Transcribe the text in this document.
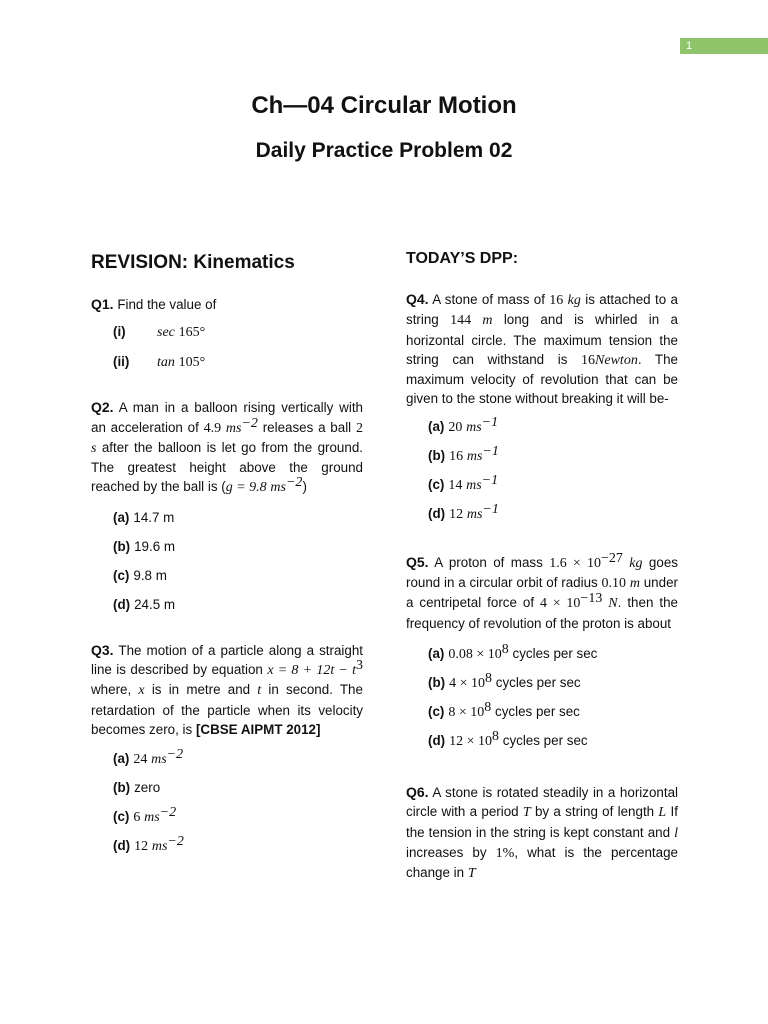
1
Ch—04 Circular Motion
Daily Practice Problem 02

REVISION: Kinematics

Q1. Find the value of

(i) sec 165°
(ii) tan 105°

Q2. A man in a balloon rising vertically with an acceleration of 4.9 $ms^{-2}$ releases a ball 2 s after the balloon is let go from the ground. The greatest height above the ground reached by the ball is (g = 9.8 $ms^{-2}$)

(a) 14.7 m
(b) 19.6 m
(c) 9.8 m
(d) 24.5 m

Q3. The motion of a particle along a straight line is described by equation $x = 8 + 12t - t^3$ where, x is in metre and t in second. The retardation of the particle when its velocity becomes zero, is [CBSE AIPMT 2012]

(a) 24 $ms^{-2}$
(b) zero
(c) 6 $ms^{-2}$
(d) 12 $ms^{-2}$

TODAY’S DPP:

Q4. A stone of mass of 16 kg is attached to a string 144 m long and is whirled in a horizontal circle. The maximum tension the string can withstand is 16Newton. The maximum velocity of revolution that can be given to the stone without breaking it will be-

(a) 20 $ms^{-1}$
(b) 16 $ms^{-1}$
(c) 14 $ms^{-1}$
(d) 12 $ms^{-1}$

Q5. A proton of mass $1.6 \times 10^{-27}$ kg goes round in a circular orbit of radius 0.10 m under a centripetal force of $4 \times 10^{-13}$ N. then the frequency of revolution of the proton is about

(a) $0.08 \times 10^8$ cycles per sec
(b) $4 \times 10^8$ cycles per sec
(c) $8 \times 10^8$ cycles per sec
(d) $12 \times 10^8$ cycles per sec

Q6. A stone is rotated steadily in a horizontal circle with a period T by a string of length L If the tension in the string is kept constant and l increases by 1%, what is the percentage change in T
